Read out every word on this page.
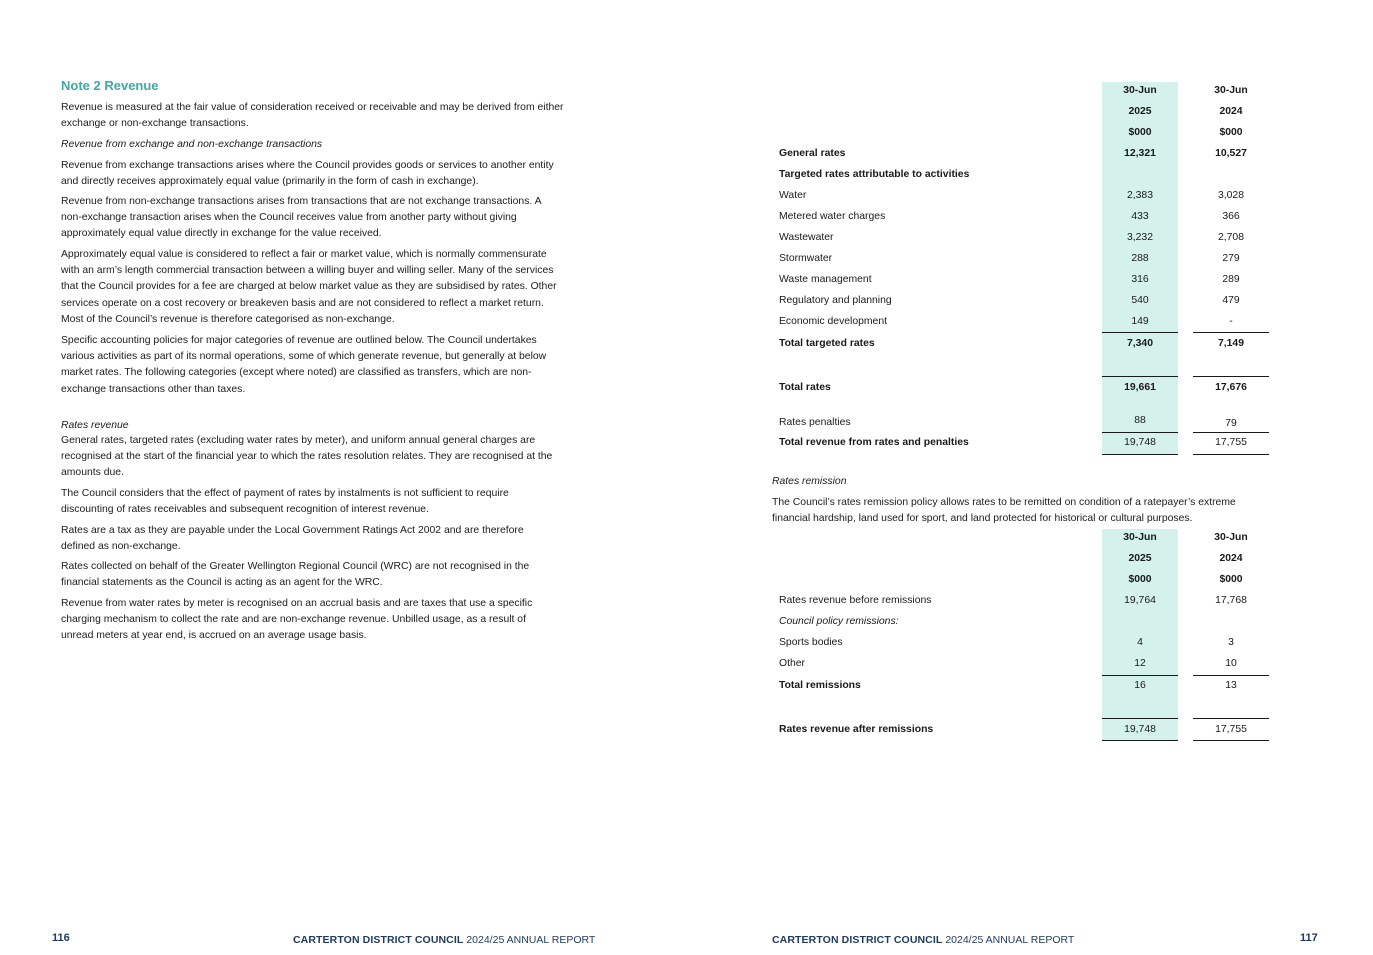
Note 2 Revenue

Revenue is measured at the fair value of consideration received or receivable and may be derived from either exchange or non-exchange transactions.

Revenue from exchange and non-exchange transactions

Revenue from exchange transactions arises where the Council provides goods or services to another entity and directly receives approximately equal value (primarily in the form of cash in exchange).

Revenue from non-exchange transactions arises from transactions that are not exchange transactions. A non-exchange transaction arises when the Council receives value from another party without giving approximately equal value directly in exchange for the value received.

Approximately equal value is considered to reflect a fair or market value, which is normally commensurate with an arm’s length commercial transaction between a willing buyer and willing seller. Many of the services that the Council provides for a fee are charged at below market value as they are subsidised by rates. Other services operate on a cost recovery or breakeven basis and are not considered to reflect a market return. Most of the Council’s revenue is therefore categorised as non-exchange.

Specific accounting policies for major categories of revenue are outlined below. The Council undertakes various activities as part of its normal operations, some of which generate revenue, but generally at below market rates. The following categories (except where noted) are classified as transfers, which are non-exchange transactions other than taxes.

Rates revenue

General rates, targeted rates (excluding water rates by meter), and uniform annual general charges are recognised at the start of the financial year to which the rates resolution relates. They are recognised at the amounts due.

The Council considers that the effect of payment of rates by instalments is not sufficient to require discounting of rates receivables and subsequent recognition of interest revenue.

Rates are a tax as they are payable under the Local Government Ratings Act 2002 and are therefore defined as non-exchange.

Rates collected on behalf of the Greater Wellington Regional Council (WRC) are not recognised in the financial statements as the Council is acting as an agent for the WRC.

Revenue from water rates by meter is recognised on an accrual basis and are taxes that use a specific charging mechanism to collect the rate and are non-exchange revenue. Unbilled usage, as a result of unread meters at year end, is accrued on an average usage basis.

116	CARTERTON DISTRICT COUNCIL 2024/25 ANNUAL REPORT
30-Jun	30-Jun
2025	2024
$000	$000
General rates	12,321	10,527
Targeted rates attributable to activities
Water	2,383	3,028
Metered water charges	433	366
Wastewater	3,232	2,708
Stormwater	288	279
Waste management	316	289
Regulatory and planning	540	479
Economic development	149	-
Total targeted rates	7,340	7,149
Total rates	19,661	17,676
Rates penalties	88	79
Total revenue from rates and penalties	19,748	17,755

Rates remission

The Council’s rates remission policy allows rates to be remitted on condition of a ratepayer’s extreme financial hardship, land used for sport, and land protected for historical or cultural purposes.

30-Jun	30-Jun
2025	2024
$000	$000
Rates revenue before remissions	19,764	17,768
Council policy remissions:
Sports bodies	4	3
Other	12	10
Total remissions	16	13
Rates revenue after remissions	19,748	17,755
CARTERTON DISTRICT COUNCIL 2024/25 ANNUAL REPORT	117
